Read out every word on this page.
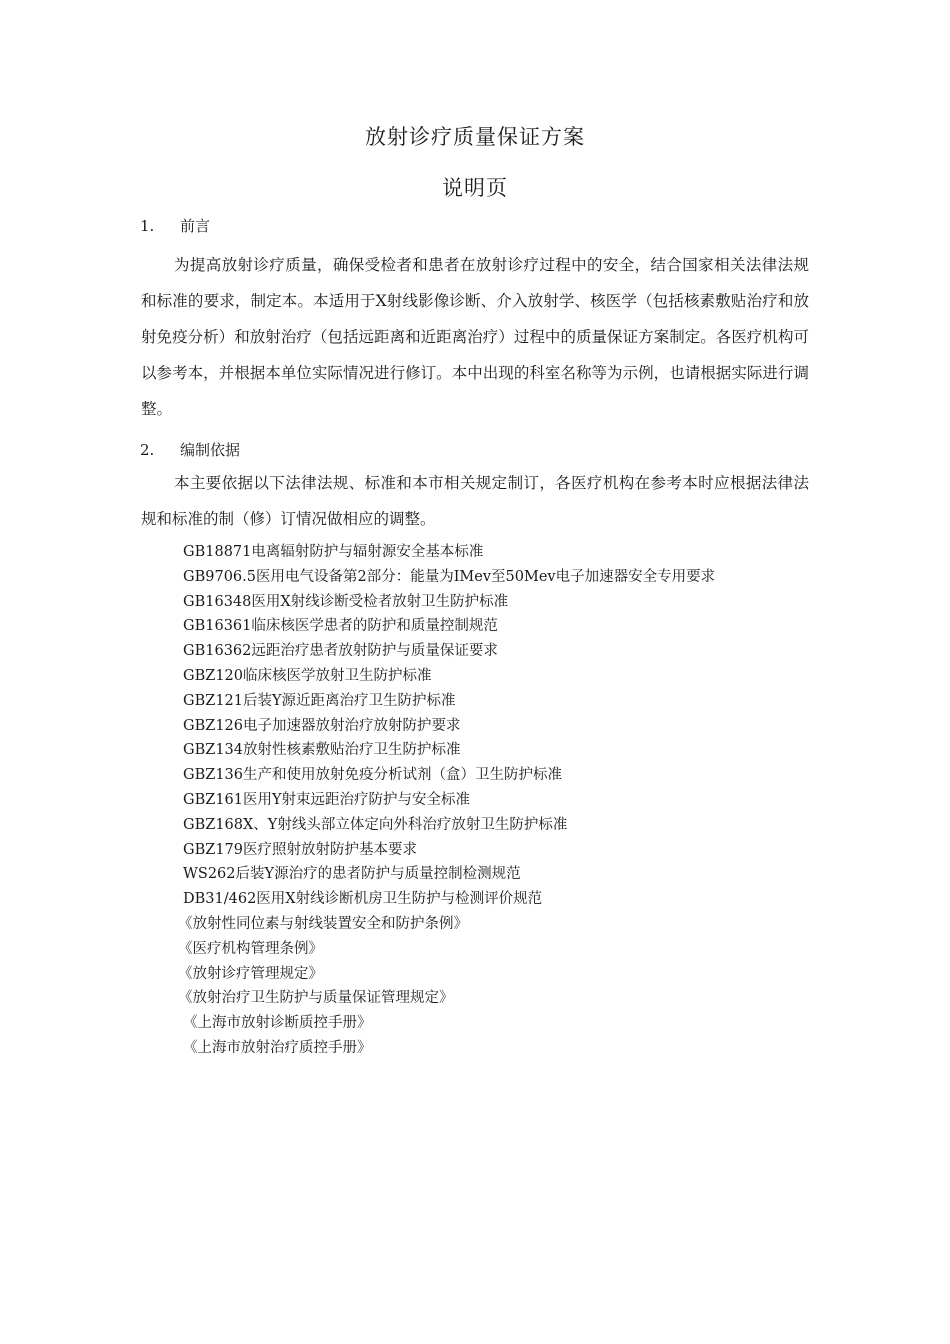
放射诊疗质量保证方案
说明页
1. 前言
为提高放射诊疗质量，确保受检者和患者在放射诊疗过程中的安全，结合国家相关法律法规和标准的要求，制定本。本适用于X射线影像诊断、介入放射学、核医学（包括核素敷贴治疗和放射免疫分析）和放射治疗（包括远距离和近距离治疗）过程中的质量保证方案制定。各医疗机构可以参考本，并根据本单位实际情况进行修订。本中出现的科室名称等为示例，也请根据实际进行调整。
2. 编制依据
本主要依据以下法律法规、标准和本市相关规定制订，各医疗机构在参考本时应根据法律法规和标准的制（修）订情况做相应的调整。
GB18871电离辐射防护与辐射源安全基本标准
GB9706.5医用电气设备第2部分：能量为IMev至50Mev电子加速器安全专用要求
GB16348医用X射线诊断受检者放射卫生防护标准
GB16361临床核医学患者的防护和质量控制规范
GB16362远距治疗患者放射防护与质量保证要求
GBZ120临床核医学放射卫生防护标准
GBZ121后装Y源近距离治疗卫生防护标准
GBZ126电子加速器放射治疗放射防护要求
GBZ134放射性核素敷贴治疗卫生防护标准
GBZ136生产和使用放射免疫分析试剂（盒）卫生防护标准
GBZ161医用Y射束远距治疗防护与安全标准
GBZ168X、Y射线头部立体定向外科治疗放射卫生防护标准
GBZ179医疗照射放射防护基本要求
WS262后装Y源治疗的患者防护与质量控制检测规范
DB31/462医用X射线诊断机房卫生防护与检测评价规范
《放射性同位素与射线装置安全和防护条例》
《医疗机构管理条例》
《放射诊疗管理规定》
《放射治疗卫生防护与质量保证管理规定》
《上海市放射诊断质控手册》
《上海市放射治疗质控手册》
